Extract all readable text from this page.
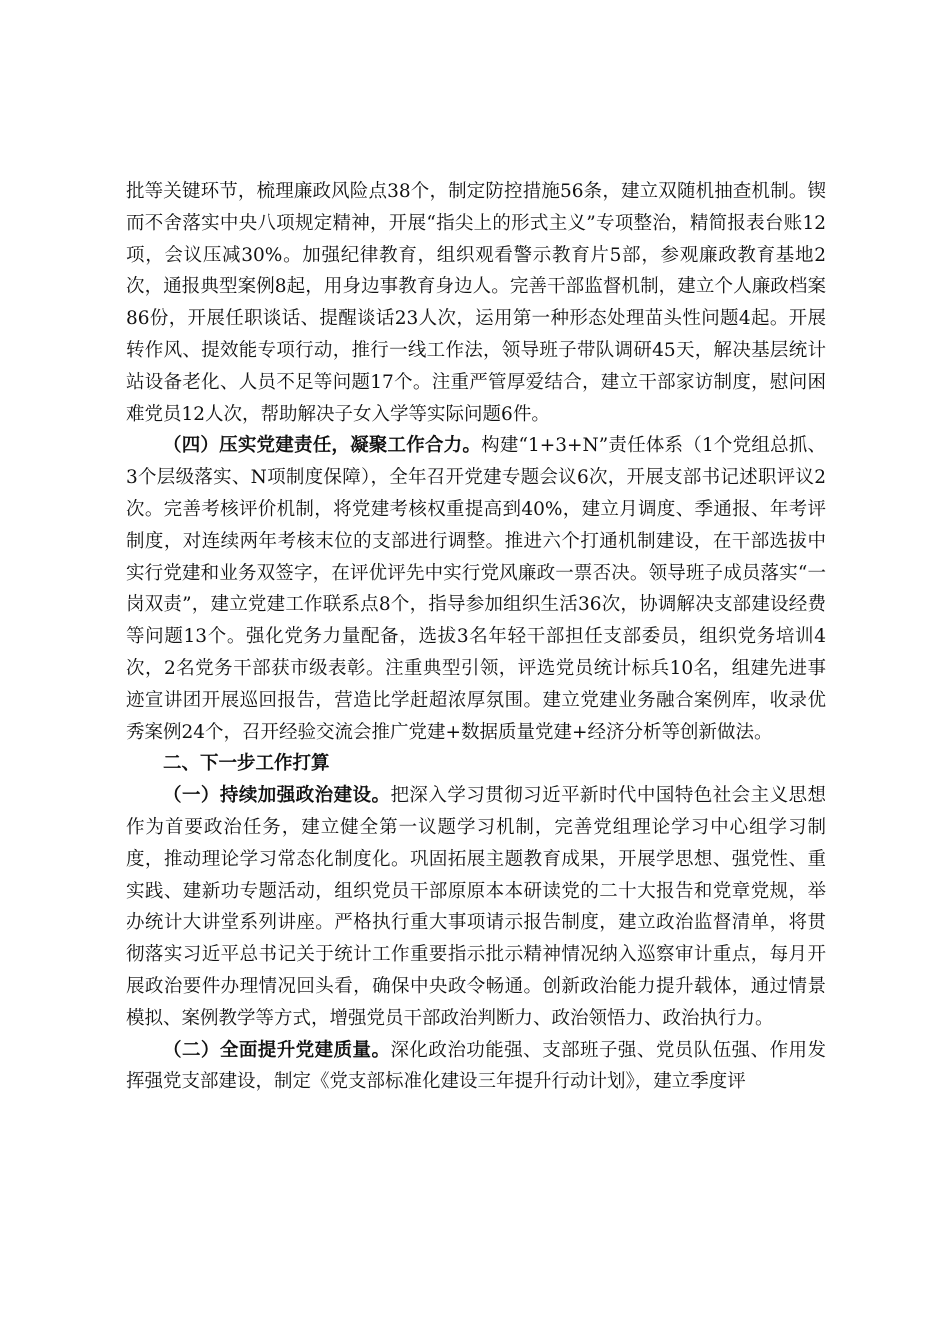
批等关键环节，梳理廉政风险点38个，制定防控措施56条，建立双随机抽查机制。锲而不舍落实中央八项规定精神，开展“指尖上的形式主义”专项整治，精简报表台账12项，会议压减30%。加强纪律教育，组织观看警示教育片5部，参观廉政教育基地2次，通报典型案例8起，用身边事教育身边人。完善干部监督机制，建立个人廉政档案86份，开展任职谈话、提醒谈话23人次，运用第一种形态处理苗头性问题4起。开展转作风、提效能专项行动，推行一线工作法，领导班子带队调研45天，解决基层统计站设备老化、人员不足等问题17个。注重严管厚爱结合，建立干部家访制度，慰问困难党员12人次，帮助解决子女入学等实际问题6件。

（四）压实党建责任，凝聚工作合力。构建“1+3+N”责任体系（1个党组总抓、3个层级落实、N项制度保障），全年召开党建专题会议6次，开展支部书记述职评议2次。完善考核评价机制，将党建考核权重提高到40%，建立月调度、季通报、年考评制度，对连续两年考核末位的支部进行调整。推进六个打通机制建设，在干部选拔中实行党建和业务双签字，在评优评先中实行党风廉政一票否决。领导班子成员落实“一岗双责”，建立党建工作联系点8个，指导参加组织生活36次，协调解决支部建设经费等问题13个。强化党务力量配备，选拔3名年轻干部担任支部委员，组织党务培训4次，2名党务干部获市级表彰。注重典型引领，评选党员统计标兵10名，组建先进事迹宣讲团开展巡回报告，营造比学赶超浓厚氛围。建立党建业务融合案例库，收录优秀案例24个，召开经验交流会推广党建+数据质量党建+经济分析等创新做法。

二、下一步工作打算

（一）持续加强政治建设。把深入学习贯彻习近平新时代中国特色社会主义思想作为首要政治任务，建立健全第一议题学习机制，完善党组理论学习中心组学习制度，推动理论学习常态化制度化。巩固拓展主题教育成果，开展学思想、强党性、重实践、建新功专题活动，组织党员干部原原本本研读党的二十大报告和党章党规，举办统计大讲堂系列讲座。严格执行重大事项请示报告制度，建立政治监督清单，将贯彻落实习近平总书记关于统计工作重要指示批示精神情况纳入巡察审计重点，每月开展政治要件办理情况回头看，确保中央政令畅通。创新政治能力提升载体，通过情景模拟、案例教学等方式，增强党员干部政治判断力、政治领悟力、政治执行力。

（二）全面提升党建质量。深化政治功能强、支部班子强、党员队伍强、作用发挥强党支部建设，制定《党支部标准化建设三年提升行动计划》，建立季度评
